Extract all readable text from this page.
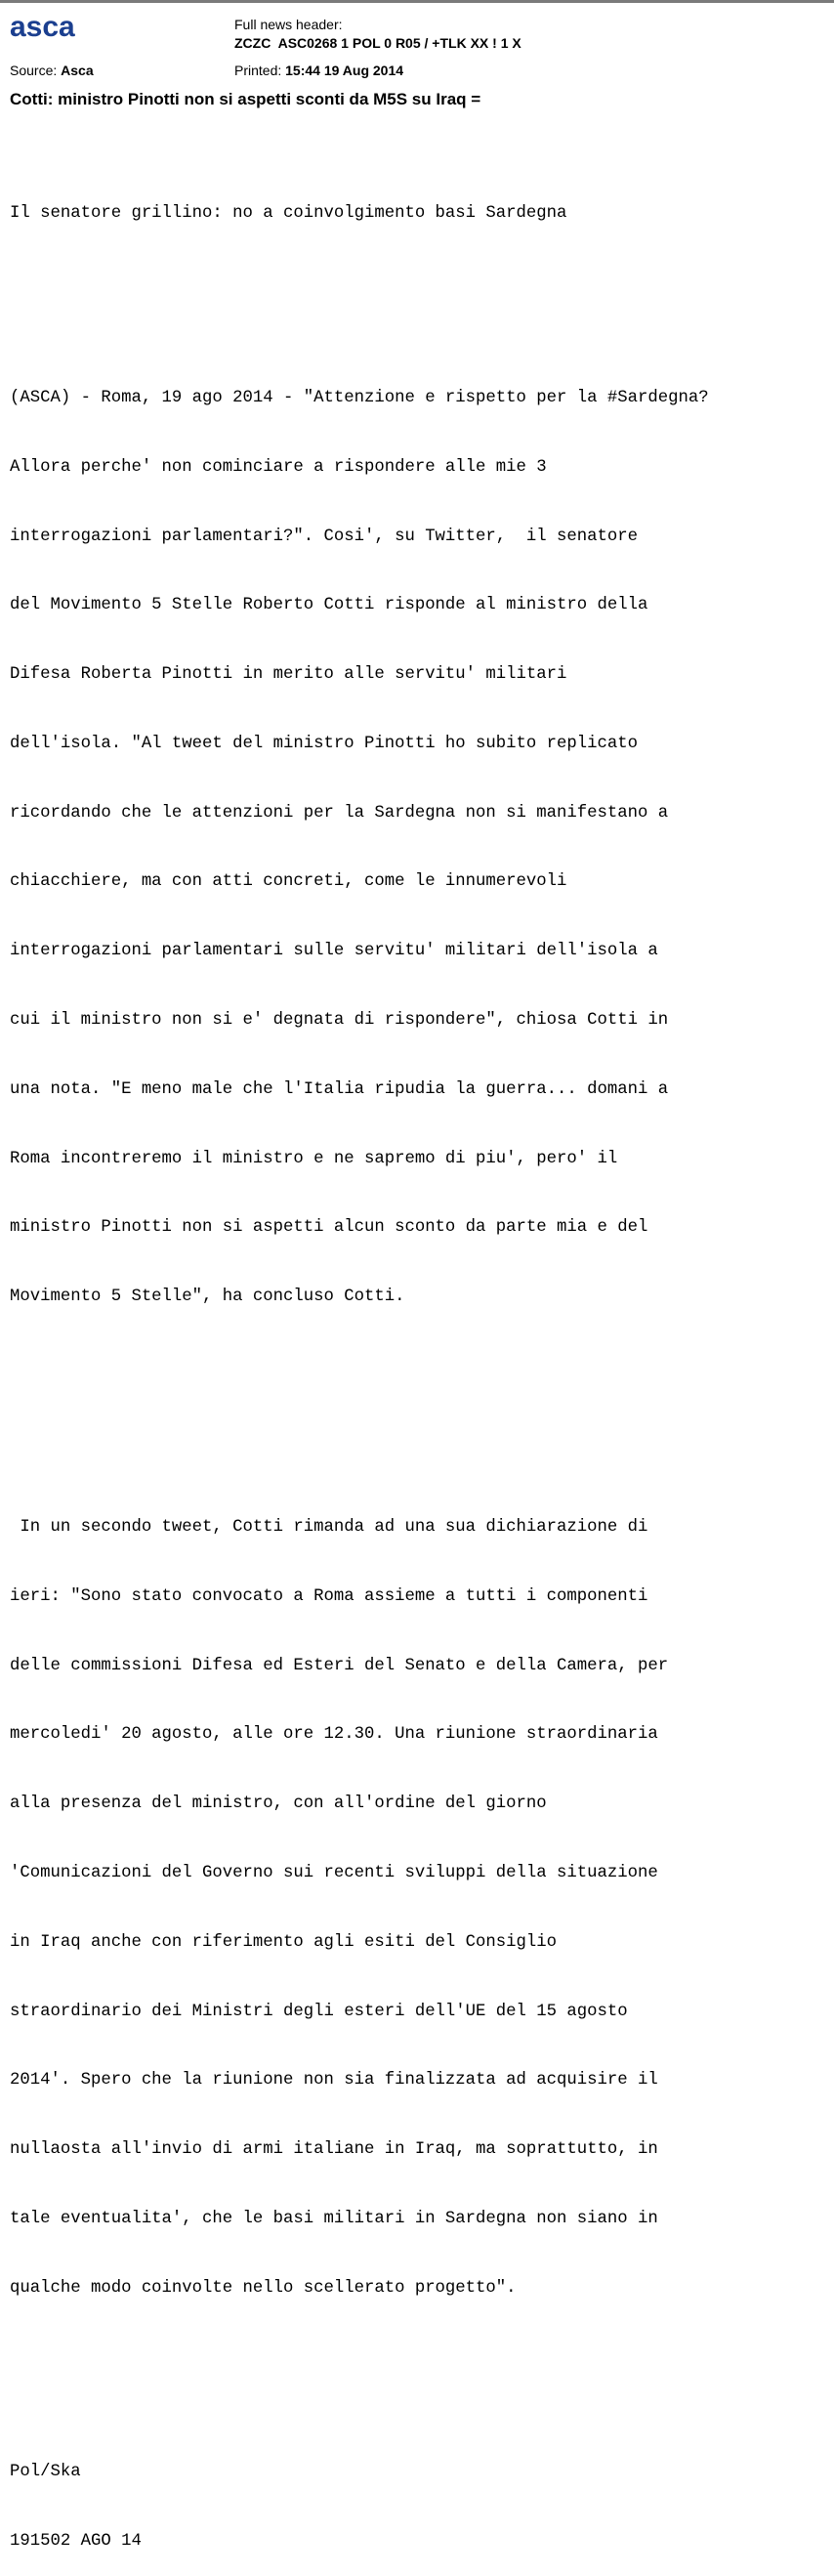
asca	Full news header:
ZCZC  ASC0268 1 POL 0 R05 / +TLK XX ! 1 X
Source: Asca	Printed: 15:44 19 Aug 2014
Cotti: ministro Pinotti non si aspetti sconti da M5S su Iraq =

Il senatore grillino: no a coinvolgimento basi Sardegna

(ASCA) - Roma, 19 ago 2014 - "Attenzione e rispetto per la #Sardegna?

Allora perche' non cominciare a rispondere alle mie 3

interrogazioni parlamentari?". Cosi', su Twitter,  il senatore

del Movimento 5 Stelle Roberto Cotti risponde al ministro della

Difesa Roberta Pinotti in merito alle servitu' militari

dell'isola. "Al tweet del ministro Pinotti ho subito replicato

ricordando che le attenzioni per la Sardegna non si manifestano a

chiacchiere, ma con atti concreti, come le innumerevoli

interrogazioni parlamentari sulle servitu' militari dell'isola a

cui il ministro non si e' degnata di rispondere", chiosa Cotti in

una nota. "E meno male che l'Italia ripudia la guerra... domani a

Roma incontreremo il ministro e ne sapremo di piu', pero' il

ministro Pinotti non si aspetti alcun sconto da parte mia e del

Movimento 5 Stelle", ha concluso Cotti.

In un secondo tweet, Cotti rimanda ad una sua dichiarazione di

ieri: "Sono stato convocato a Roma assieme a tutti i componenti

delle commissioni Difesa ed Esteri del Senato e della Camera, per

mercoledi' 20 agosto, alle ore 12.30. Una riunione straordinaria

alla presenza del ministro, con all'ordine del giorno

'Comunicazioni del Governo sui recenti sviluppi della situazione

in Iraq anche con riferimento agli esiti del Consiglio

straordinario dei Ministri degli esteri dell'UE del 15 agosto

2014'. Spero che la riunione non sia finalizzata ad acquisire il

nullaosta all'invio di armi italiane in Iraq, ma soprattutto, in

tale eventualita', che le basi militari in Sardegna non siano in

qualche modo coinvolte nello scellerato progetto".

Pol/Ska

191502 AGO 14
